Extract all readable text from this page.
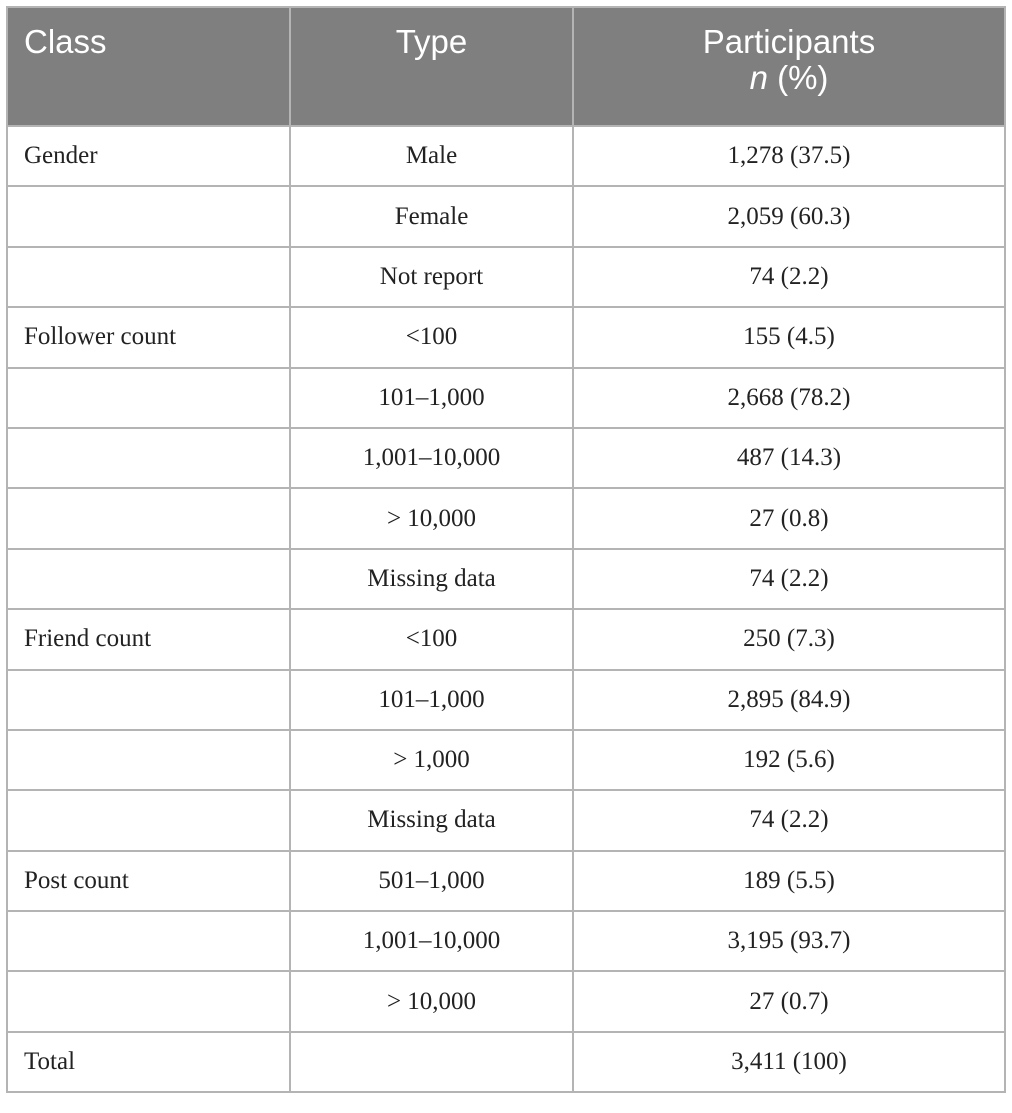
Class	Type	Participants
n (%)

Gender	Male	1,278 (37.5)
	Female	2,059 (60.3)
	Not report	74 (2.2)
Follower count	<100	155 (4.5)
	101–1,000	2,668 (78.2)
	1,001–10,000	487 (14.3)
	> 10,000	27 (0.8)
	Missing data	74 (2.2)
Friend count	<100	250 (7.3)
	101–1,000	2,895 (84.9)
	> 1,000	192 (5.6)
	Missing data	74 (2.2)
Post count	501–1,000	189 (5.5)
	1,001–10,000	3,195 (93.7)
	> 10,000	27 (0.7)
Total		3,411 (100)
